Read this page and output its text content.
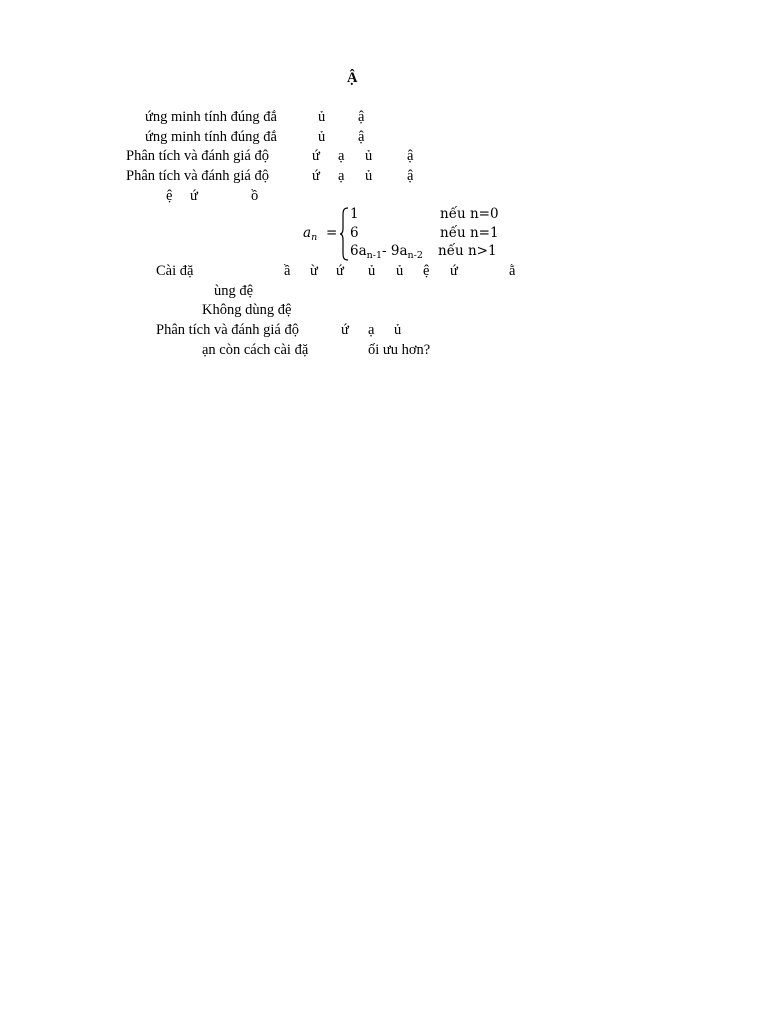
Ậ
ứng minh tính đúng đắ	ủ ậ
ứng minh tính đúng đắ	ủ ậ
Phân tích và đánh giá độ	ứ ạ ủ ậ
Phân tích và đánh giá độ	ứ ạ ủ ậ
ệ ứ	ồ
$a_n$ =
1	nếu n=0
6	nếu n=1
$6a_{n-1}-$ $9a_{n-2}$ nếu n>1
Cài đặ	ầ ừ ứ ủ ủ ệ ứ	ằ
ùng đệ
Không dùng đệ
Phân tích và đánh giá độ	ứ ạ ủ
ạn còn cách cài đặ	ối ưu hơn?
